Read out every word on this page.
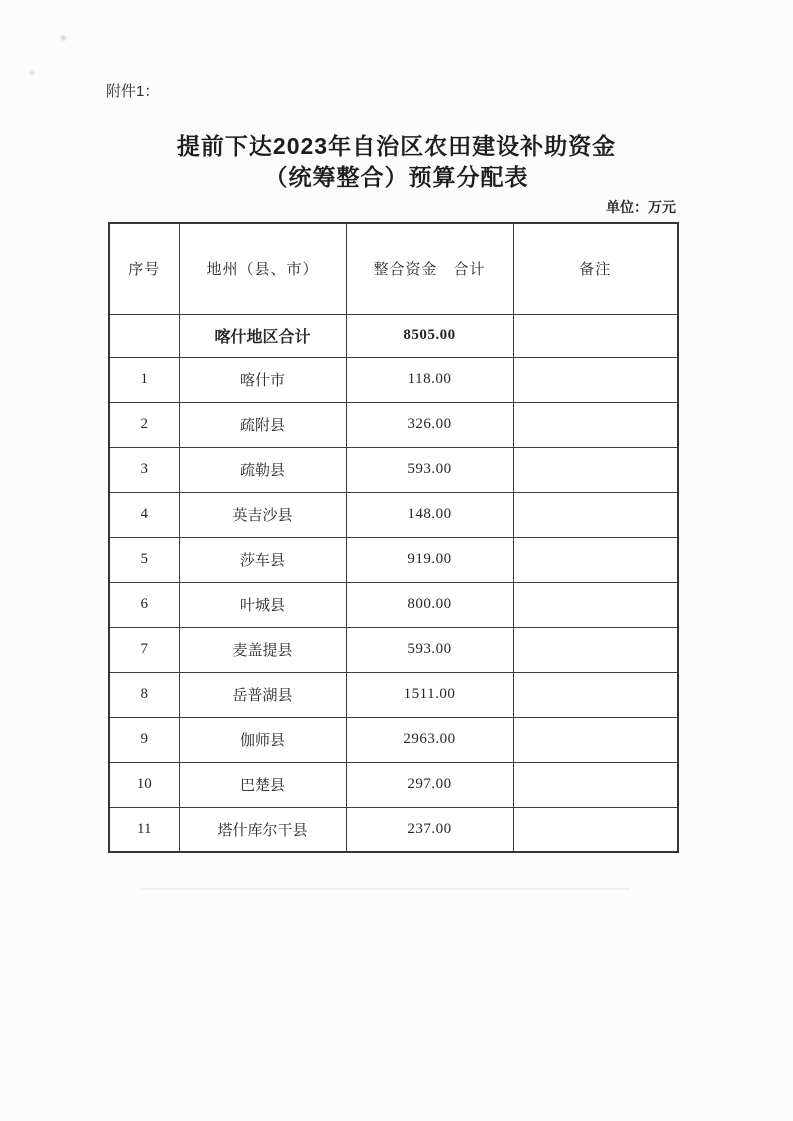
附件1：
提前下达2023年自治区农田建设补助资金
（统筹整合）预算分配表
单位：万元
序号	地州（县、市）	整合资金　合计	备注
	喀什地区合计	8505.00	
1	喀什市	118.00	
2	疏附县	326.00	
3	疏勒县	593.00	
4	英吉沙县	148.00	
5	莎车县	919.00	
6	叶城县	800.00	
7	麦盖提县	593.00	
8	岳普湖县	1511.00	
9	伽师县	2963.00	
10	巴楚县	297.00	
11	塔什库尔干县	237.00	
